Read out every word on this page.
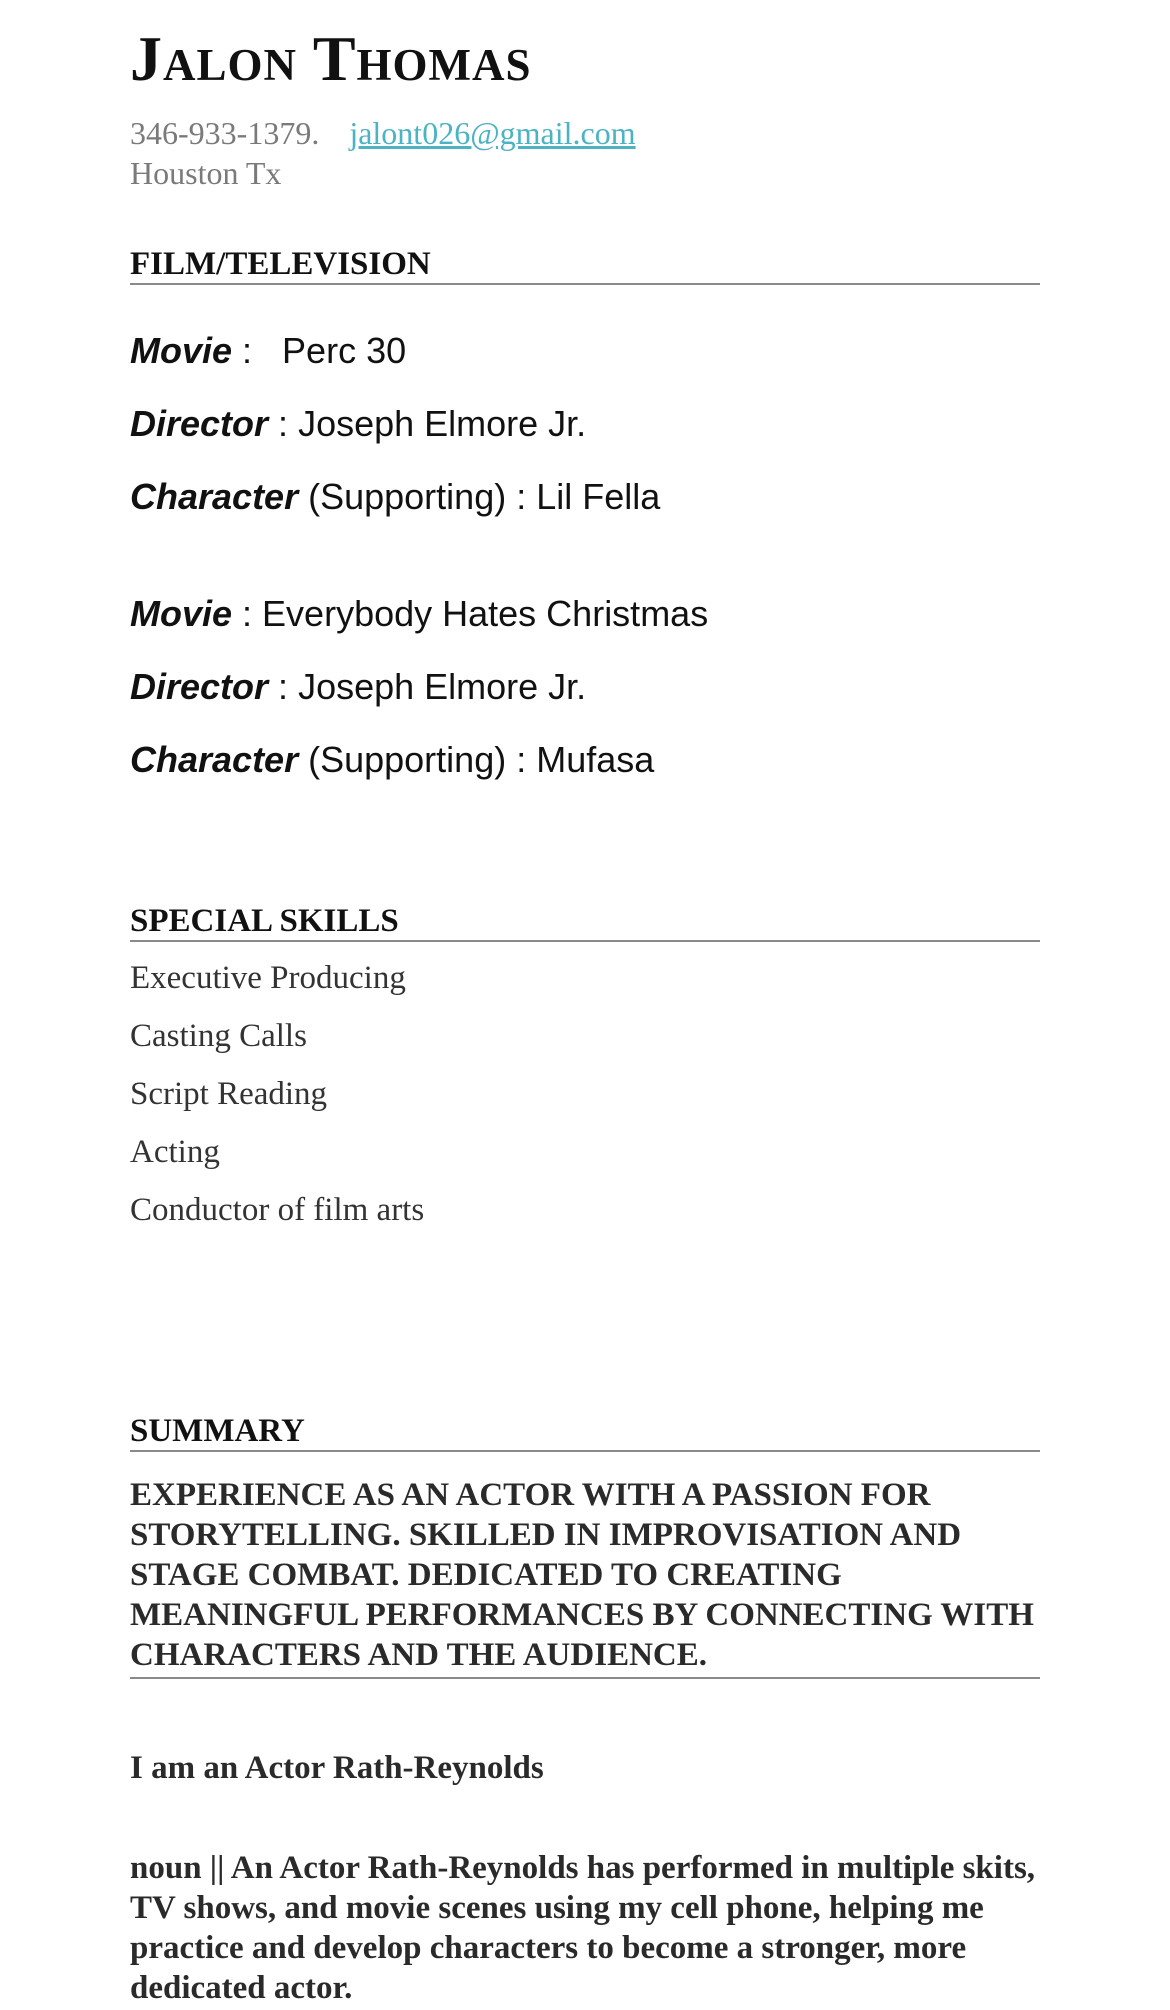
Jalon Thomas
346-933-1379. jalont026@gmail.com
Houston Tx
FILM/TELEVISION
Movie :   Perc 30
Director : Joseph Elmore Jr.
Character (Supporting) : Lil Fella
Movie : Everybody Hates Christmas
Director : Joseph Elmore Jr.
Character (Supporting) : Mufasa
SPECIAL SKILLS
Executive Producing
Casting Calls
Script Reading
Acting
Conductor of film arts
SUMMARY
EXPERIENCE AS AN ACTOR WITH A PASSION FOR STORYTELLING. SKILLED IN IMPROVISATION AND STAGE COMBAT. DEDICATED TO CREATING MEANINGFUL PERFORMANCES BY CONNECTING WITH CHARACTERS AND THE AUDIENCE.
I am an Actor Rath-Reynolds
noun || An Actor Rath-Reynolds has performed in multiple skits, TV shows, and movie scenes using my cell phone, helping me practice and develop characters to become a stronger, more dedicated actor.
